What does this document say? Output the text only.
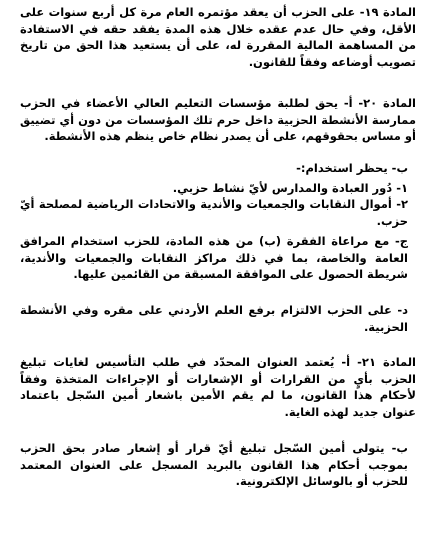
المادة ١٩- على الحزب أن يعقد مؤتمره العام مرة كل أربع سنوات على الأقل، وفي حال عدم عقده خلال هذه المدة يفقد حقه في الاستفادة من المساهمة المالية المقررة له، على أن يستعيد هذا الحق من تاريخ تصويب أوضاعه وفقاً للقانون.

المادة ٢٠- أ- يحق لطلبة مؤسسات التعليم العالي الأعضاء في الحزب ممارسة الأنشطة الحزبية داخل حرم تلك المؤسسات من دون أي تضييق أو مساس بحقوقهم، على أن يصدر نظام خاص ينظم هذه الأنشطة.

ب- يحظر استخدام:-

١- دُور العبادة والمدارس لأيّ نشاط حزبي.

٢- أموال النقابات والجمعيات والأندية والاتحادات الرياضية لمصلحة أيّ حزب.

ج- مع مراعاة الفقرة (ب) من هذه المادة، للحزب استخدام المرافق العامة والخاصة، بما في ذلك مراكز النقابات والجمعيات والأندية، شريطة الحصول على الموافقة المسبقة من القائمين عليها.

د- على الحزب الالتزام برفع العلم الأردني على مقره وفي الأنشطة الحزبية.

المادة ٢١- أ- يُعتمد العنوان المحدّد في طلب التأسيس لغايات تبليغ الحزب بأيٍ من القرارات أو الإشعارات أو الإجراءات المتخذة وفقاً لأحكام هذا القانون، ما لم يقم الأمين باشعار أمين السّجل باعتماد عنوان جديد لهذه الغاية.

ب- يتولى أمين السّجل تبليغ أيّ قرار أو إشعار صادر بحق الحزب بموجب أحكام هذا القانون بالبريد المسجل على العنوان المعتمد للحزب أو بالوسائل الإلكترونية.
